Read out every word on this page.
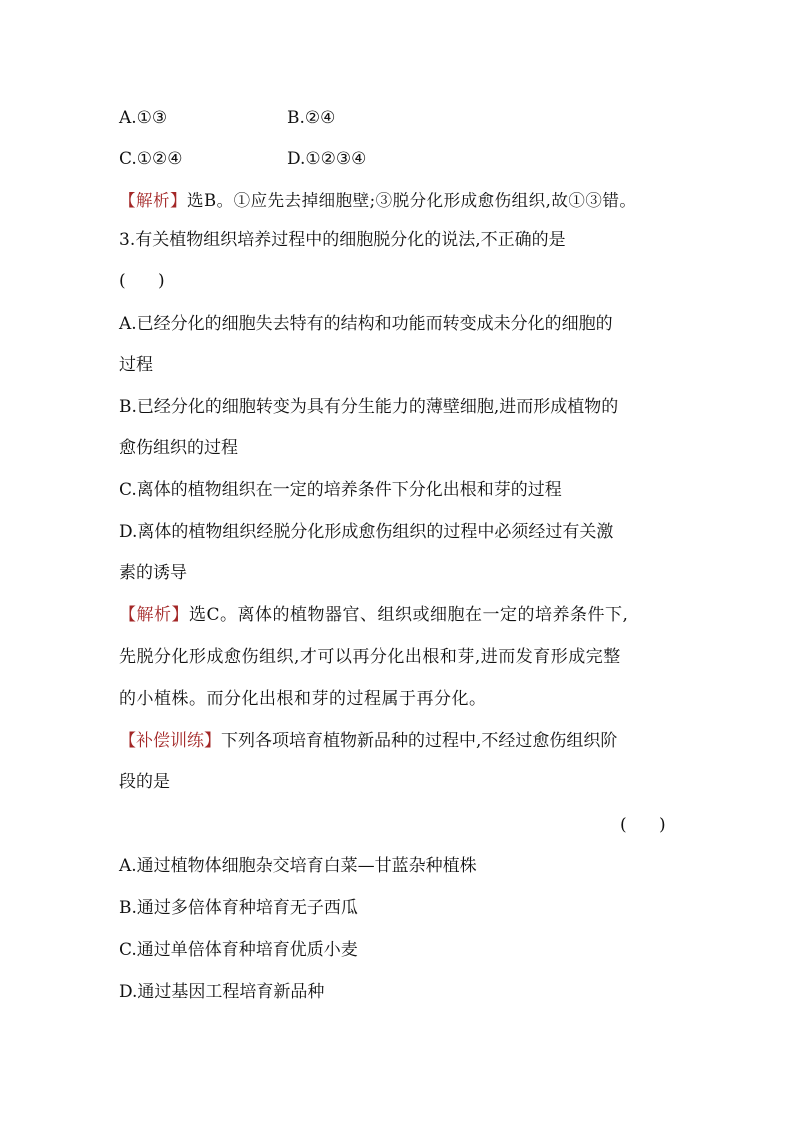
A.①③	B.②④
C.①②④	D.①②③④
【解析】选B。①应先去掉细胞壁;③脱分化形成愈伤组织,故①③错。
3.有关植物组织培养过程中的细胞脱分化的说法,不正确的是
(      )
A.已经分化的细胞失去特有的结构和功能而转变成未分化的细胞的
过程
B.已经分化的细胞转变为具有分生能力的薄壁细胞,进而形成植物的
愈伤组织的过程
C.离体的植物组织在一定的培养条件下分化出根和芽的过程
D.离体的植物组织经脱分化形成愈伤组织的过程中必须经过有关激
素的诱导
【解析】选C。离体的植物器官、组织或细胞在一定的培养条件下,
先脱分化形成愈伤组织,才可以再分化出根和芽,进而发育形成完整
的小植株。而分化出根和芽的过程属于再分化。
【补偿训练】下列各项培育植物新品种的过程中,不经过愈伤组织阶
段的是
(      )
A.通过植物体细胞杂交培育白菜—甘蓝杂种植株
B.通过多倍体育种培育无子西瓜
C.通过单倍体育种培育优质小麦
D.通过基因工程培育新品种
